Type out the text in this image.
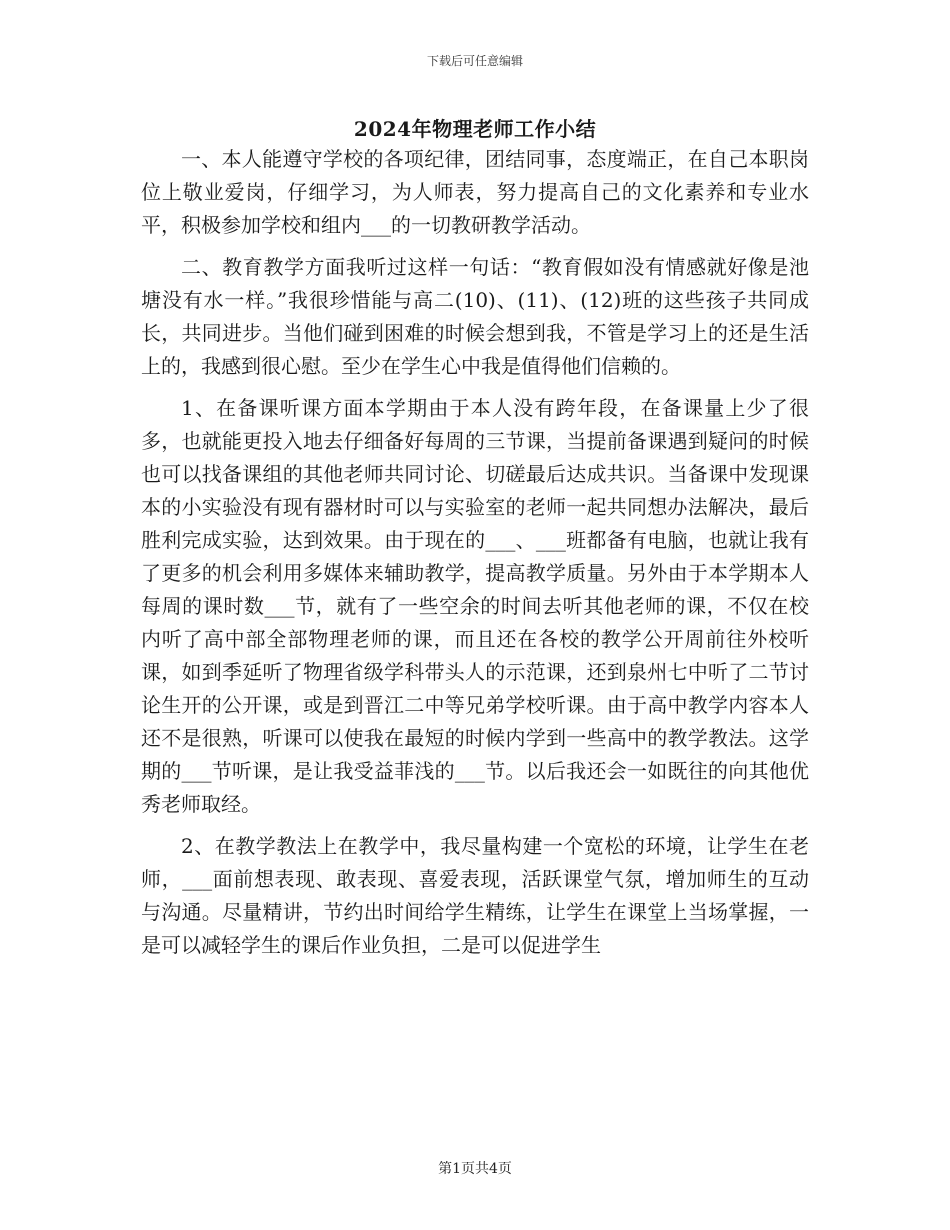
下载后可任意编辑
2024年物理老师工作小结

一、本人能遵守学校的各项纪律，团结同事，态度端正，在自己本职岗位上敬业爱岗，仔细学习，为人师表，努力提高自己的文化素养和专业水平，积极参加学校和组内___的一切教研教学活动。

二、教育教学方面我听过这样一句话：“教育假如没有情感就好像是池塘没有水一样。”我很珍惜能与高二(10)、(11)、(12)班的这些孩子共同成长，共同进步。当他们碰到困难的时候会想到我，不管是学习上的还是生活上的，我感到很心慰。至少在学生心中我是值得他们信赖的。

1、在备课听课方面本学期由于本人没有跨年段，在备课量上少了很多，也就能更投入地去仔细备好每周的三节课，当提前备课遇到疑问的时候也可以找备课组的其他老师共同讨论、切磋最后达成共识。当备课中发现课本的小实验没有现有器材时可以与实验室的老师一起共同想办法解决，最后胜利完成实验，达到效果。由于现在的___、___班都备有电脑，也就让我有了更多的机会利用多媒体来辅助教学，提高教学质量。另外由于本学期本人每周的课时数___节，就有了一些空余的时间去听其他老师的课，不仅在校内听了高中部全部物理老师的课，而且还在各校的教学公开周前往外校听课，如到季延听了物理省级学科带头人的示范课，还到泉州七中听了二节讨论生开的公开课，或是到晋江二中等兄弟学校听课。由于高中教学内容本人还不是很熟，听课可以使我在最短的时候内学到一些高中的教学教法。这学期的___节听课，是让我受益菲浅的___节。以后我还会一如既往的向其他优秀老师取经。

2、在教学教法上在教学中，我尽量构建一个宽松的环境，让学生在老师，___面前想表现、敢表现、喜爱表现，活跃课堂气氛，增加师生的互动与沟通。尽量精讲，节约出时间给学生精练，让学生在课堂上当场掌握，一是可以减轻学生的课后作业负担，二是可以促进学生

第1页共4页
